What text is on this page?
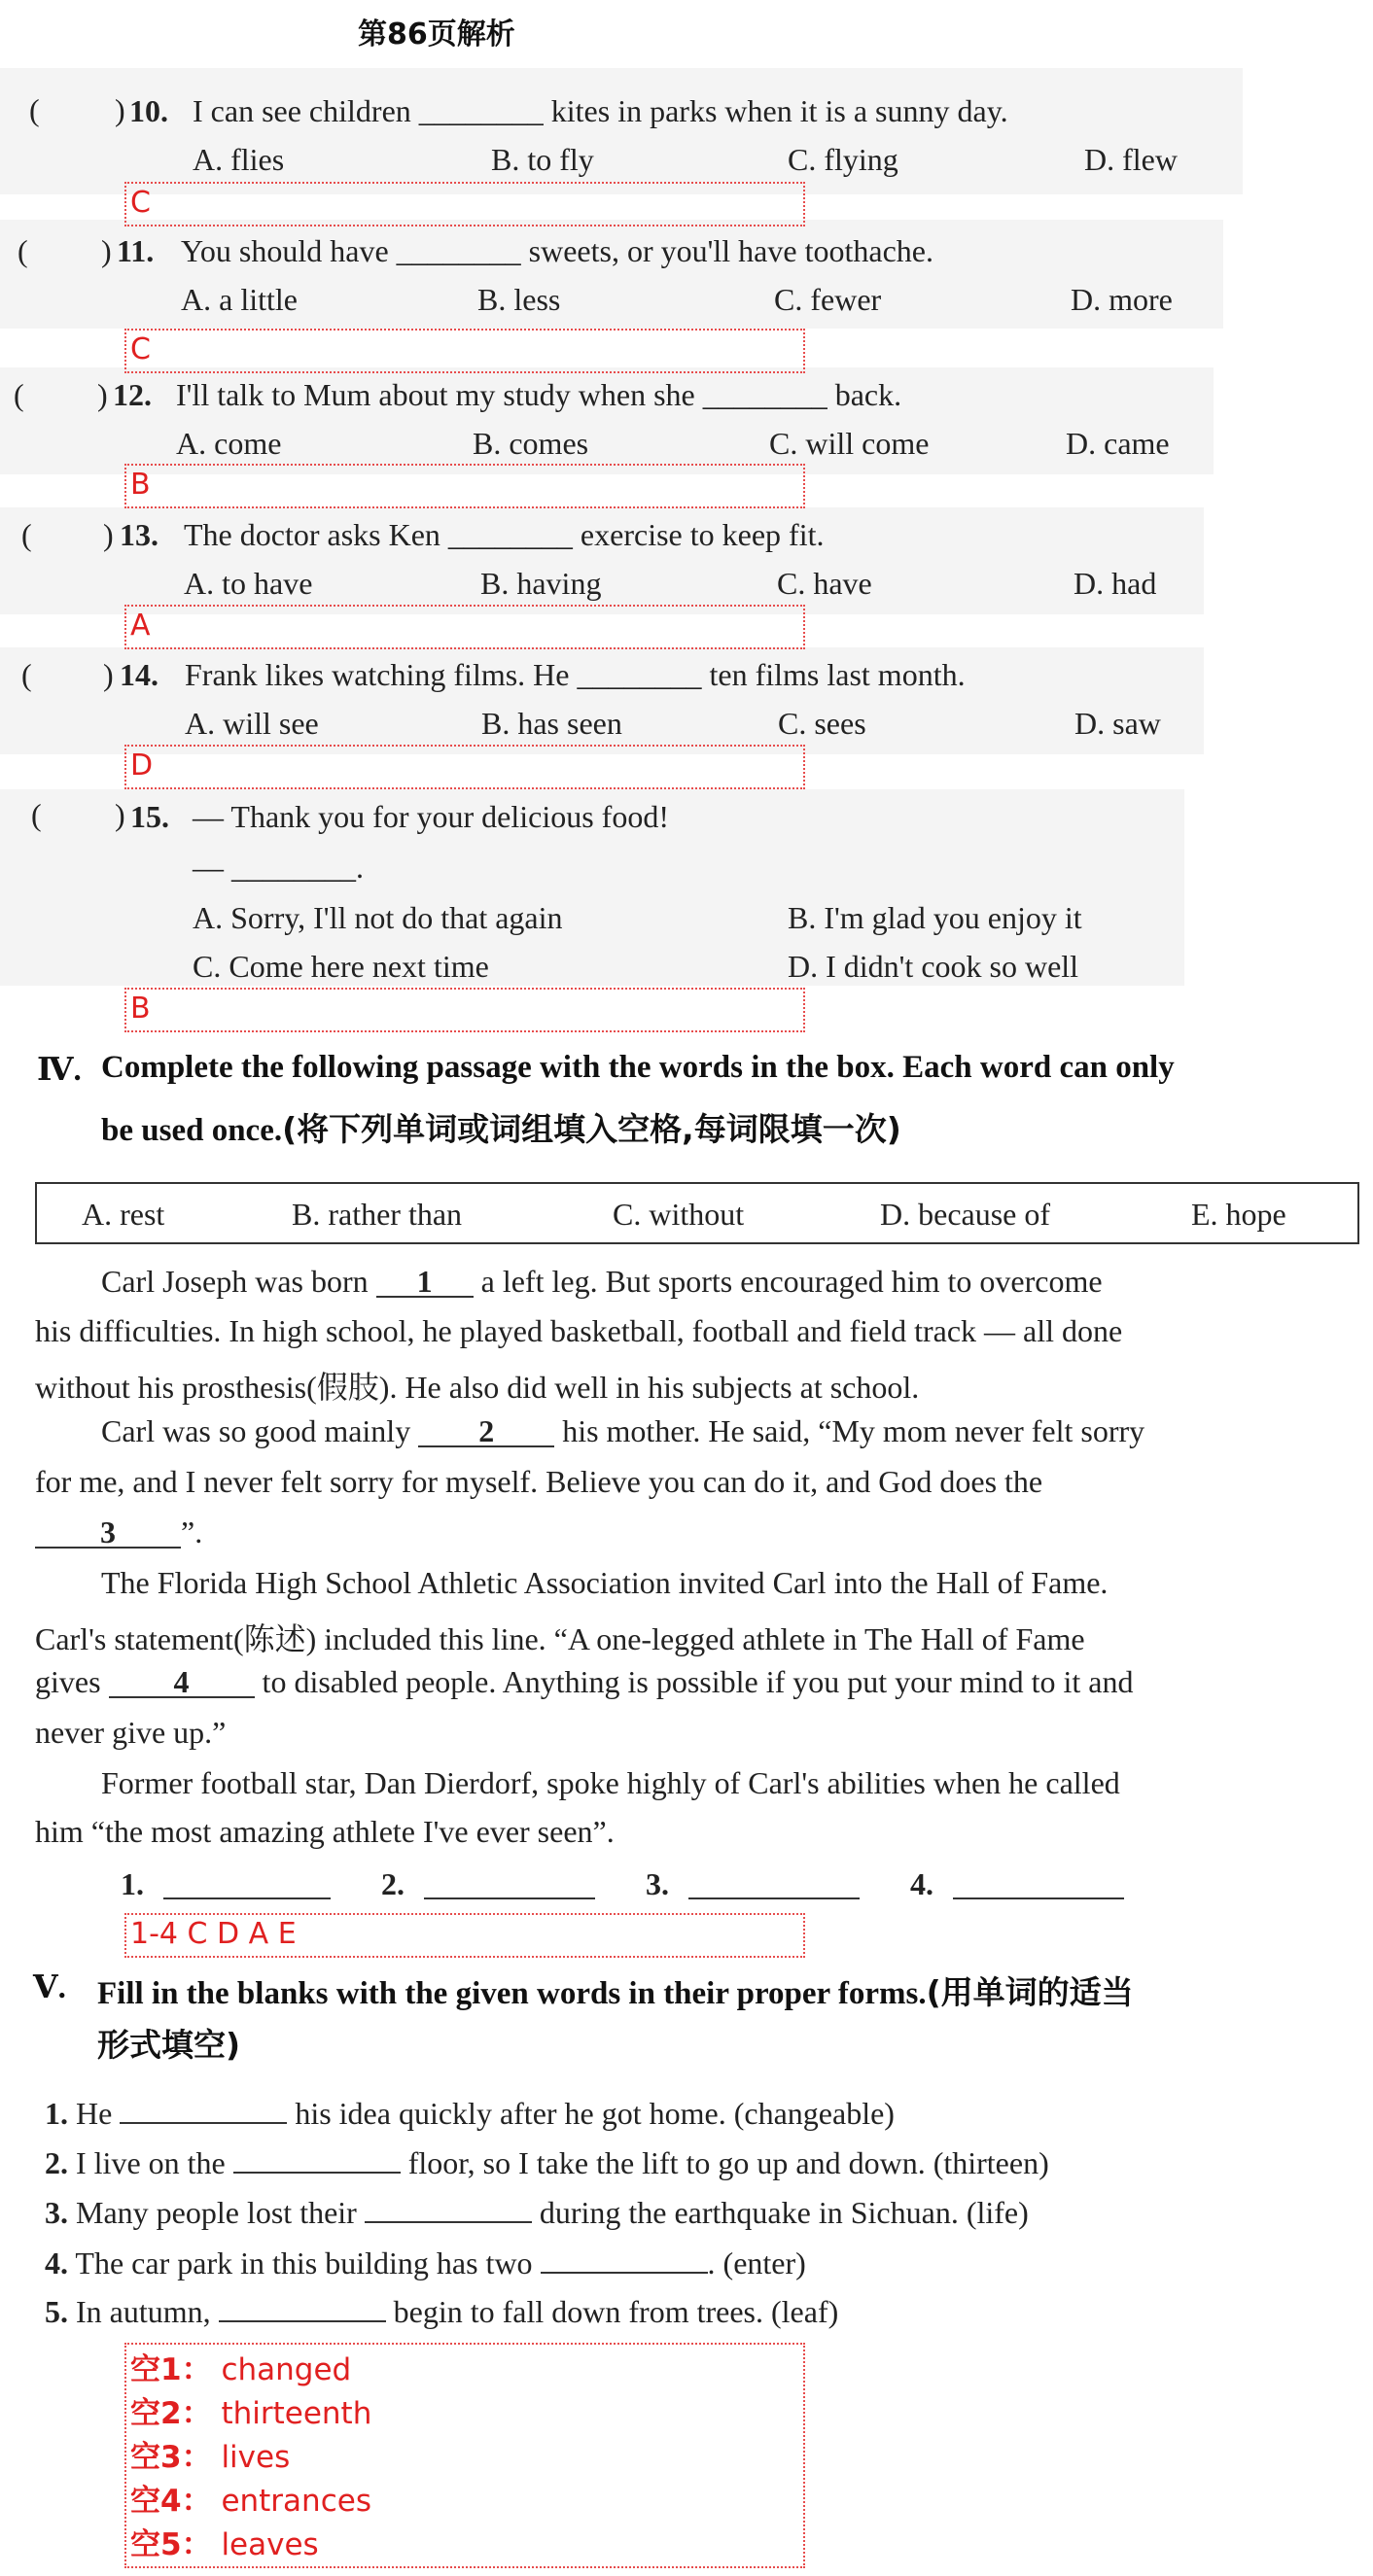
第86页解析
( ) 10. I can see children ________ kites in parks when it is a sunny day.
A. flies	B. to fly	C. flying	D. flew
C
( ) 11. You should have ________ sweets, or you'll have toothache.
A. a little	B. less	C. fewer	D. more
C
( ) 12. I'll talk to Mum about my study when she ________ back.
A. come	B. comes	C. will come	D. came
B
( ) 13. The doctor asks Ken ________ exercise to keep fit.
A. to have	B. having	C. have	D. had
A
( ) 14. Frank likes watching films. He ________ ten films last month.
A. will see	B. has seen	C. sees	D. saw
D
( ) 15. — Thank you for your delicious food!
— ________.
A. Sorry, I'll not do that again	B. I'm glad you enjoy it
C. Come here next time	D. I didn't cook so well
B
Ⅳ. Complete the following passage with the words in the box. Each word can only
be used once.(将下列单词或词组填入空格,每词限填一次)
A. rest	B. rather than	C. without	D. because of	E. hope
Carl Joseph was born 1 a left leg. But sports encouraged him to overcome
his difficulties. In high school, he played basketball, football and field track — all done
without his prosthesis(假肢). He also did well in his subjects at school.
Carl was so good mainly 2 his mother. He said, “My mom never felt sorry
for me, and I never felt sorry for myself. Believe you can do it, and God does the
3 ”.
The Florida High School Athletic Association invited Carl into the Hall of Fame.
Carl's statement(陈述) included this line. “A one-legged athlete in The Hall of Fame
gives 4 to disabled people. Anything is possible if you put your mind to it and
never give up.”
Former football star, Dan Dierdorf, spoke highly of Carl's abilities when he called
him “the most amazing athlete I've ever seen”.
1.	2.	3.	4.
1-4 C D A E
Ⅴ. Fill in the blanks with the given words in their proper forms.(用单词的适当
形式填空)
1. He	his idea quickly after he got home. (changeable)
2. I live on the	floor, so I take the lift to go up and down. (thirteen)
3. Many people lost their	during the earthquake in Sichuan. (life)
4. The car park in this building has two	. (enter)
5. In autumn,	begin to fall down from trees. (leaf)
空1： changed
空2： thirteenth
空3： lives
空4： entrances
空5： leaves
